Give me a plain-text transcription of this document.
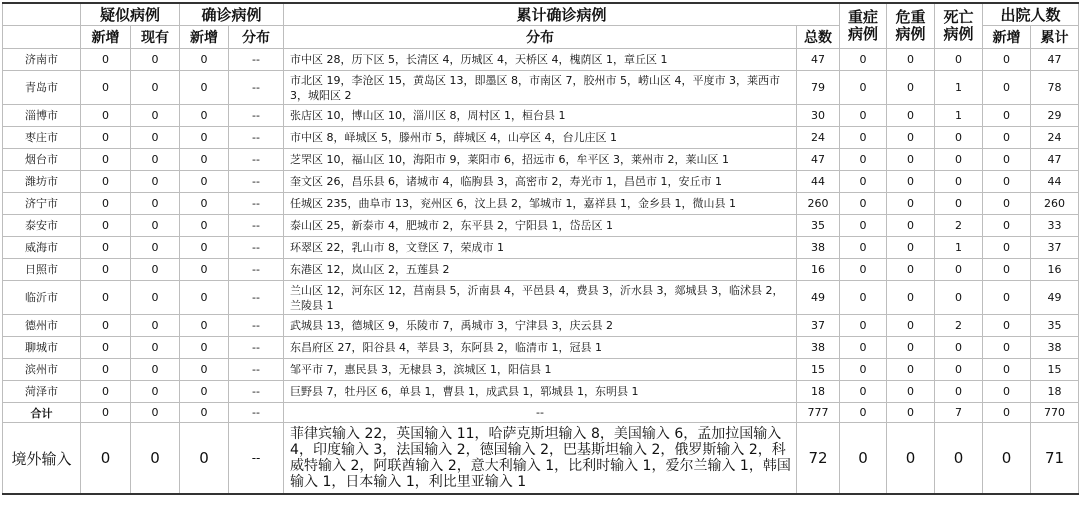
	疑似病例		确诊病例		累计确诊病例		重症病例	危重病例	死亡病例	出院人数	
	新增	现有	新增	分布	分布	总数				新增	累计
济南市	0	0	0	--	市中区 28，历下区 5，长清区 4，历城区 4，天桥区 4，槐荫区 1，章丘区 1	47	0	0	0	0	47
青岛市	0	0	0	--	市北区 19，李沧区 15，黄岛区 13，即墨区 8，市南区 7，胶州市 5，崂山区 4，平度市 3，莱西市 3，城阳区 2	79	0	0	1	0	78
淄博市	0	0	0	--	张店区 10，博山区 10，淄川区 8，周村区 1，桓台县 1	30	0	0	1	0	29
枣庄市	0	0	0	--	市中区 8，峄城区 5，滕州市 5，薛城区 4，山亭区 4，台儿庄区 1	24	0	0	0	0	24
烟台市	0	0	0	--	芝罘区 10，福山区 10，海阳市 9，莱阳市 6，招远市 6，牟平区 3，莱州市 2，莱山区 1	47	0	0	0	0	47
潍坊市	0	0	0	--	奎文区 26，昌乐县 6，诸城市 4，临朐县 3，高密市 2，寿光市 1，昌邑市 1，安丘市 1	44	0	0	0	0	44
济宁市	0	0	0	--	任城区 235，曲阜市 13，兖州区 6，汶上县 2，邹城市 1，嘉祥县 1，金乡县 1，微山县 1	260	0	0	0	0	260
泰安市	0	0	0	--	泰山区 25，新泰市 4，肥城市 2，东平县 2，宁阳县 1，岱岳区 1	35	0	0	2	0	33
威海市	0	0	0	--	环翠区 22，乳山市 8，文登区 7，荣成市 1	38	0	0	1	0	37
日照市	0	0	0	--	东港区 12，岚山区 2，五莲县 2	16	0	0	0	0	16
临沂市	0	0	0	--	兰山区 12，河东区 12，莒南县 5，沂南县 4，平邑县 4，费县 3，沂水县 3，郯城县 3，临沭县 2，兰陵县 1	49	0	0	0	0	49
德州市	0	0	0	--	武城县 13，德城区 9，乐陵市 7，禹城市 3，宁津县 3，庆云县 2	37	0	0	2	0	35
聊城市	0	0	0	--	东昌府区 27，阳谷县 4，莘县 3，东阿县 2，临清市 1，冠县 1	38	0	0	0	0	38
滨州市	0	0	0	--	邹平市 7，惠民县 3，无棣县 3，滨城区 1，阳信县 1	15	0	0	0	0	15
菏泽市	0	0	0	--	巨野县 7，牡丹区 6，单县 1，曹县 1，成武县 1，郓城县 1，东明县 1	18	0	0	0	0	18
合计	0	0	0	--	--	777	0	0	7	0	770
境外输入	0	0	0	--	菲律宾输入 22，英国输入 11，哈萨克斯坦输入 8，美国输入 6，孟加拉国输入 4，印度输入 3，法国输入 2，德国输入 2，巴基斯坦输入 2，俄罗斯输入 2，科威特输入 2，阿联酋输入 2，意大利输入 1，比利时输入 1，爱尔兰输入 1，韩国输入 1，日本输入 1，利比里亚输入 1	72	0	0	0	0	71
